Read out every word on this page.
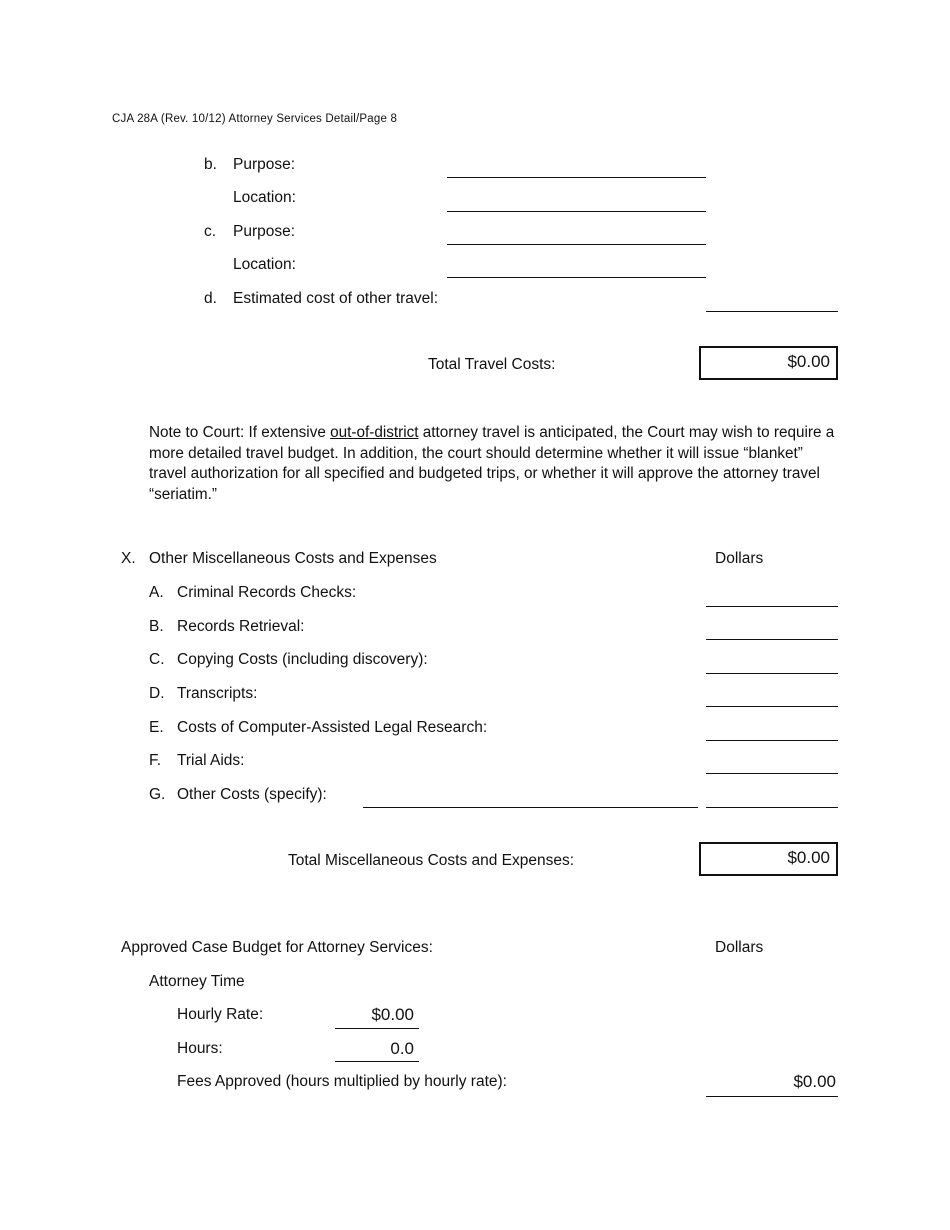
CJA 28A (Rev. 10/12) Attorney Services Detail/Page 8
b. Purpose:
Location:
c. Purpose:
Location:
d. Estimated cost of other travel:
Total Travel Costs:	$0.00
Note to Court: If extensive out-of-district attorney travel is anticipated, the Court may wish to require a more detailed travel budget. In addition, the court should determine whether it will issue “blanket” travel authorization for all specified and budgeted trips, or whether it will approve the attorney travel “seriatim.”
X. Other Miscellaneous Costs and Expenses	Dollars
A. Criminal Records Checks:
B. Records Retrieval:
C. Copying Costs (including discovery):
D. Transcripts:
E. Costs of Computer-Assisted Legal Research:
F. Trial Aids:
G. Other Costs (specify):
Total Miscellaneous Costs and Expenses:	$0.00
Approved Case Budget for Attorney Services:	Dollars
Attorney Time
Hourly Rate:	$0.00
Hours:	0.0
Fees Approved (hours multiplied by hourly rate):	$0.00
